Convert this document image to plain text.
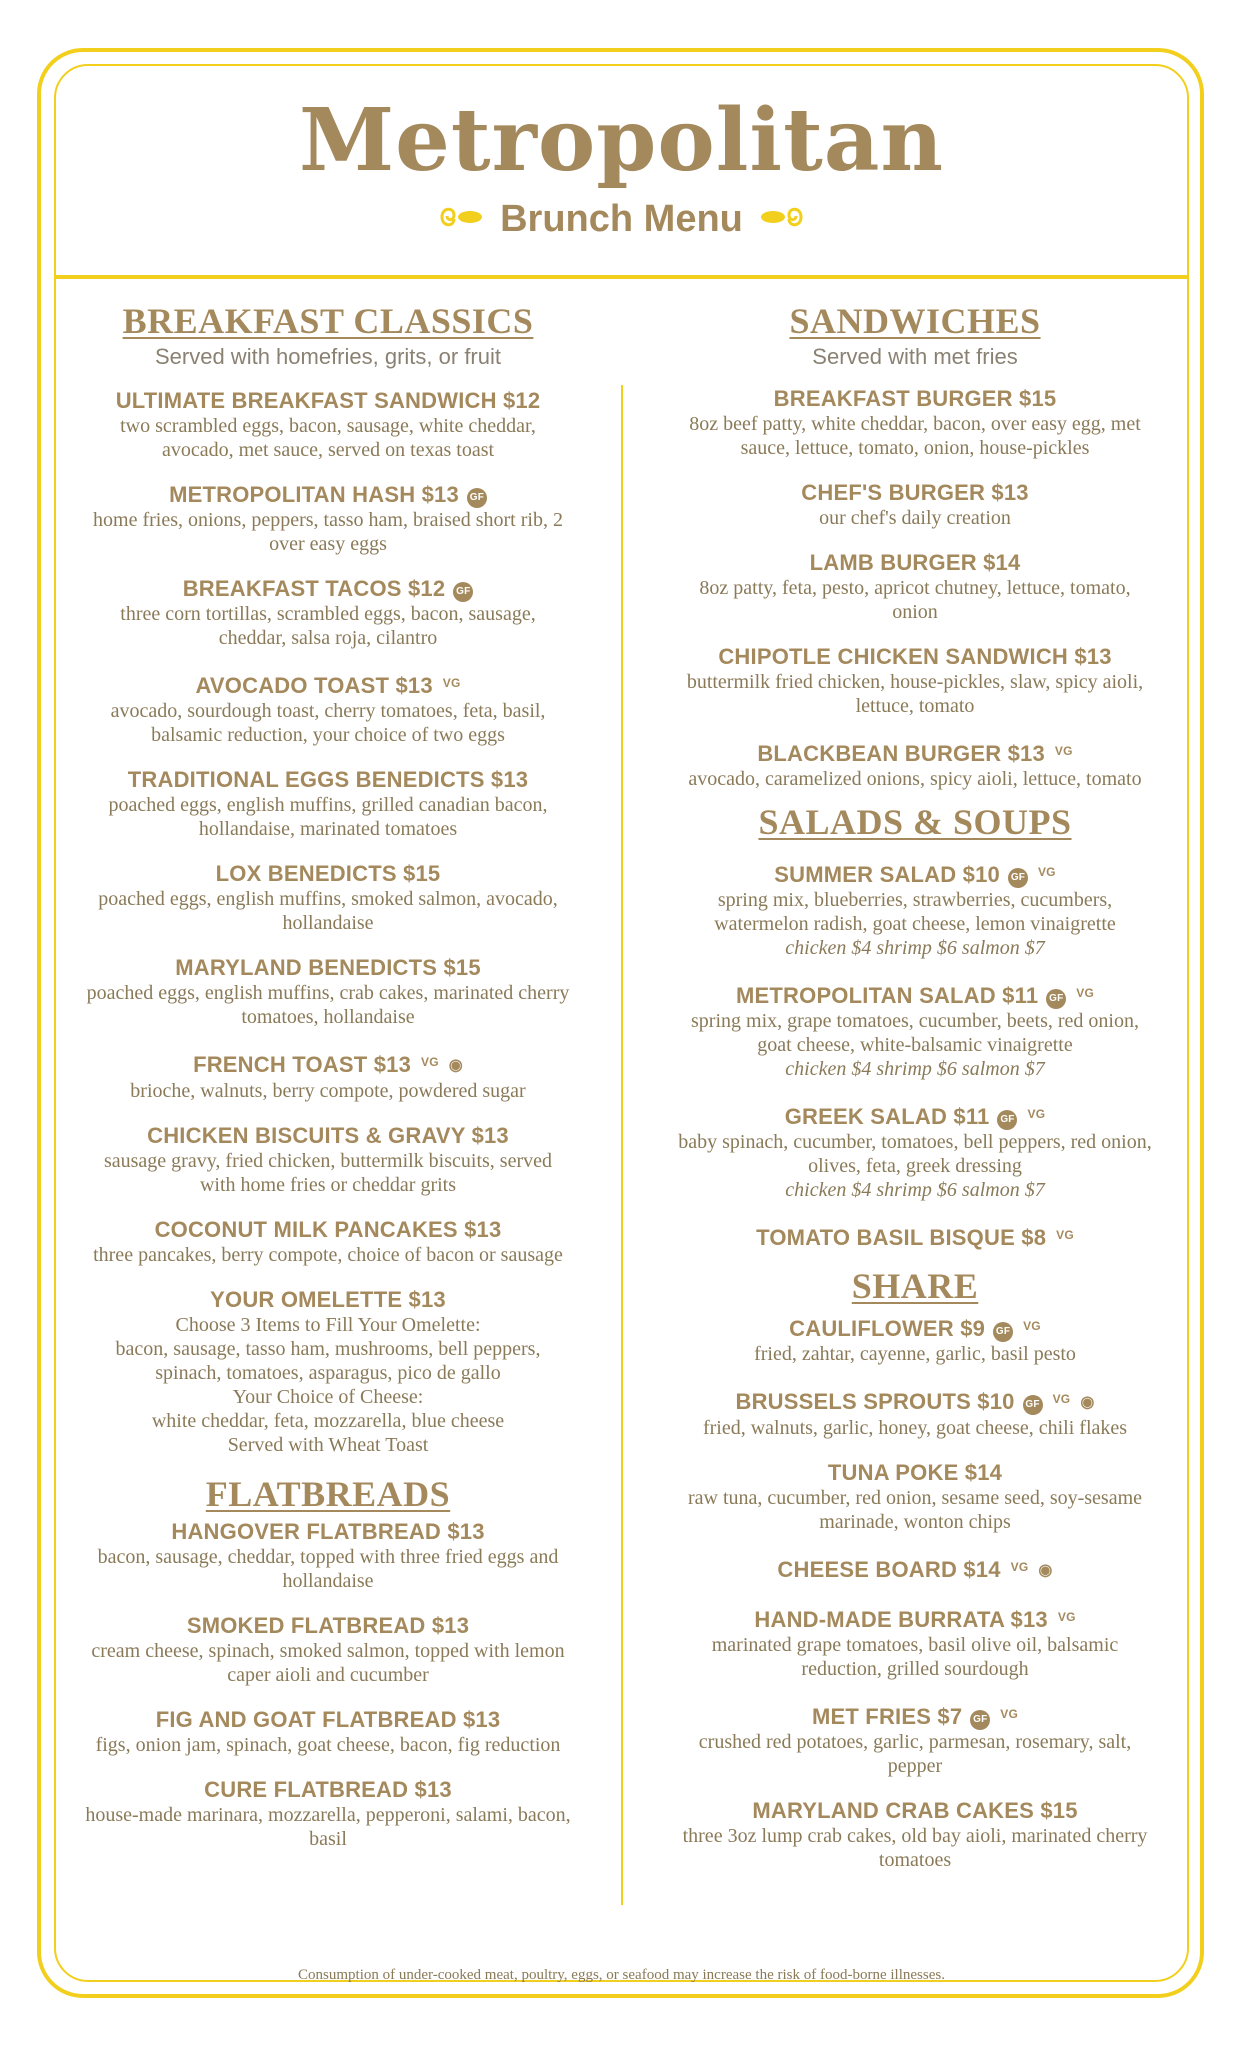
Metropolitan
Brunch Menu
BREAKFAST CLASSICS
Served with homefries, grits, or fruit
ULTIMATE BREAKFAST SANDWICH $12
two scrambled eggs, bacon, sausage, white cheddar, avocado, met sauce, served on texas toast
METROPOLITAN HASH $13 GF
home fries, onions, peppers, tasso ham, braised short rib, 2 over easy eggs
BREAKFAST TACOS $12 GF
three corn tortillas, scrambled eggs, bacon, sausage, cheddar, salsa roja, cilantro
AVOCADO TOAST $13 VG
avocado, sourdough toast, cherry tomatoes, feta, basil, balsamic reduction, your choice of two eggs
TRADITIONAL EGGS BENEDICTS $13
poached eggs, english muffins, grilled canadian bacon, hollandaise, marinated tomatoes
LOX BENEDICTS $15
poached eggs, english muffins, smoked salmon, avocado, hollandaise
MARYLAND BENEDICTS $15
poached eggs, english muffins, crab cakes, marinated cherry tomatoes, hollandaise
FRENCH TOAST $13 VG ◉
brioche, walnuts, berry compote, powdered sugar
CHICKEN BISCUITS & GRAVY $13
sausage gravy, fried chicken, buttermilk biscuits, served with home fries or cheddar grits
COCONUT MILK PANCAKES $13
three pancakes, berry compote, choice of bacon or sausage
YOUR OMELETTE $13
Choose 3 Items to Fill Your Omelette:
bacon, sausage, tasso ham, mushrooms, bell peppers, spinach, tomatoes, asparagus, pico de gallo
Your Choice of Cheese:
white cheddar, feta, mozzarella, blue cheese
Served with Wheat Toast
FLATBREADS
HANGOVER FLATBREAD $13
bacon, sausage, cheddar, topped with three fried eggs and hollandaise
SMOKED FLATBREAD $13
cream cheese, spinach, smoked salmon, topped with lemon caper aioli and cucumber
FIG AND GOAT FLATBREAD $13
figs, onion jam, spinach, goat cheese, bacon, fig reduction
CURE FLATBREAD $13
house-made marinara, mozzarella, pepperoni, salami, bacon, basil
SANDWICHES
Served with met fries
BREAKFAST BURGER $15
8oz beef patty, white cheddar, bacon, over easy egg, met sauce, lettuce, tomato, onion, house-pickles
CHEF'S BURGER $13
our chef's daily creation
LAMB BURGER $14
8oz patty, feta, pesto, apricot chutney, lettuce, tomato, onion
CHIPOTLE CHICKEN SANDWICH $13
buttermilk fried chicken, house-pickles, slaw, spicy aioli, lettuce, tomato
BLACKBEAN BURGER $13 VG
avocado, caramelized onions, spicy aioli, lettuce, tomato
SALADS & SOUPS
SUMMER SALAD $10 GF VG
spring mix, blueberries, strawberries, cucumbers, watermelon radish, goat cheese, lemon vinaigrette
chicken $4 shrimp $6 salmon $7
METROPOLITAN SALAD $11 GF VG
spring mix, grape tomatoes, cucumber, beets, red onion, goat cheese, white-balsamic vinaigrette
chicken $4 shrimp $6 salmon $7
GREEK SALAD $11 GF VG
baby spinach, cucumber, tomatoes, bell peppers, red onion, olives, feta, greek dressing
chicken $4 shrimp $6 salmon $7
TOMATO BASIL BISQUE $8 VG
SHARE
CAULIFLOWER $9 GF VG
fried, zahtar, cayenne, garlic, basil pesto
BRUSSELS SPROUTS $10 GF VG ◉
fried, walnuts, garlic, honey, goat cheese, chili flakes
TUNA POKE $14
raw tuna, cucumber, red onion, sesame seed, soy-sesame marinade, wonton chips
CHEESE BOARD $14 VG ◉
HAND-MADE BURRATA $13 VG
marinated grape tomatoes, basil olive oil, balsamic reduction, grilled sourdough
MET FRIES $7 GF VG
crushed red potatoes, garlic, parmesan, rosemary, salt, pepper
MARYLAND CRAB CAKES $15
three 3oz lump crab cakes, old bay aioli, marinated cherry tomatoes
Consumption of under-cooked meat, poultry, eggs, or seafood may increase the risk of food-borne illnesses.
